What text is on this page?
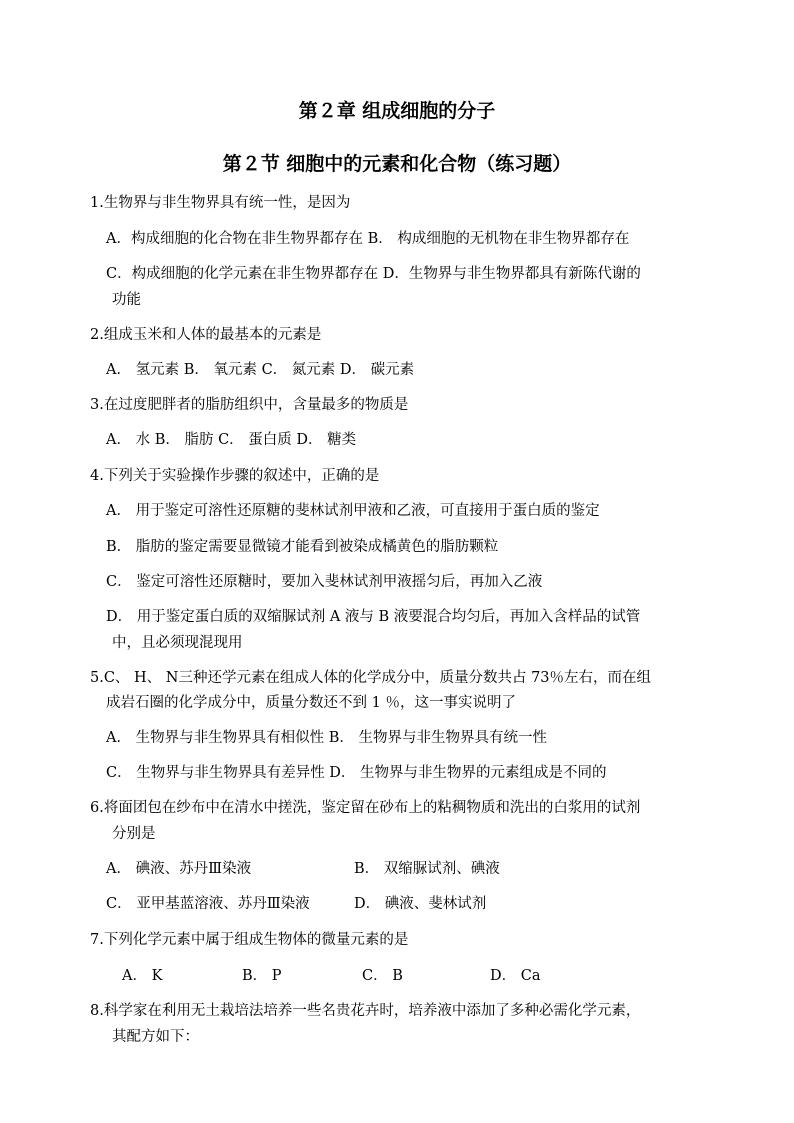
第２章 组成细胞的分子
第２节 细胞中的元素和化合物（练习题）
1.生物界与非生物界具有统一性，是因为
A．构成细胞的化合物在非生物界都存在 B． 构成细胞的无机物在非生物界都存在
C．构成细胞的化学元素在非生物界都存在 D．生物界与非生物界都具有新陈代谢的
功能
2.组成玉米和人体的最基本的元素是
A． 氢元素 B． 氧元素 C． 氮元素 D． 碳元素
3.在过度肥胖者的脂肪组织中，含量最多的物质是
A． 水 B． 脂肪 C． 蛋白质 D． 糖类
4.下列关于实验操作步骤的叙述中，正确的是
A． 用于鉴定可溶性还原糖的斐林试剂甲液和乙液，可直接用于蛋白质的鉴定
B． 脂肪的鉴定需要显微镜才能看到被染成橘黄色的脂肪颗粒
C． 鉴定可溶性还原糖时，要加入斐林试剂甲液摇匀后，再加入乙液
D． 用于鉴定蛋白质的双缩脲试剂 A 液与 B 液要混合均匀后，再加入含样品的试管
中，且必须现混现用
5.C、 H、 N三种还学元素在组成人体的化学成分中，质量分数共占 73％左右，而在组
成岩石圈的化学成分中，质量分数还不到 1 ％，这一事实说明了
A． 生物界与非生物界具有相似性 B． 生物界与非生物界具有统一性
C． 生物界与非生物界具有差异性 D． 生物界与非生物界的元素组成是不同的
6.将面团包在纱布中在清水中搓洗，鉴定留在砂布上的粘稠物质和洗出的白浆用的试剂
分别是
A． 碘液、苏丹Ⅲ染液	B． 双缩脲试剂、碘液
C． 亚甲基蓝溶液、苏丹Ⅲ染液	D． 碘液、斐林试剂
7.下列化学元素中属于组成生物体的微量元素的是
A． K	B． P	C． B	D． Ca
8.科学家在利用无土栽培法培养一些名贵花卉时，培养液中添加了多种必需化学元素，
其配方如下：
